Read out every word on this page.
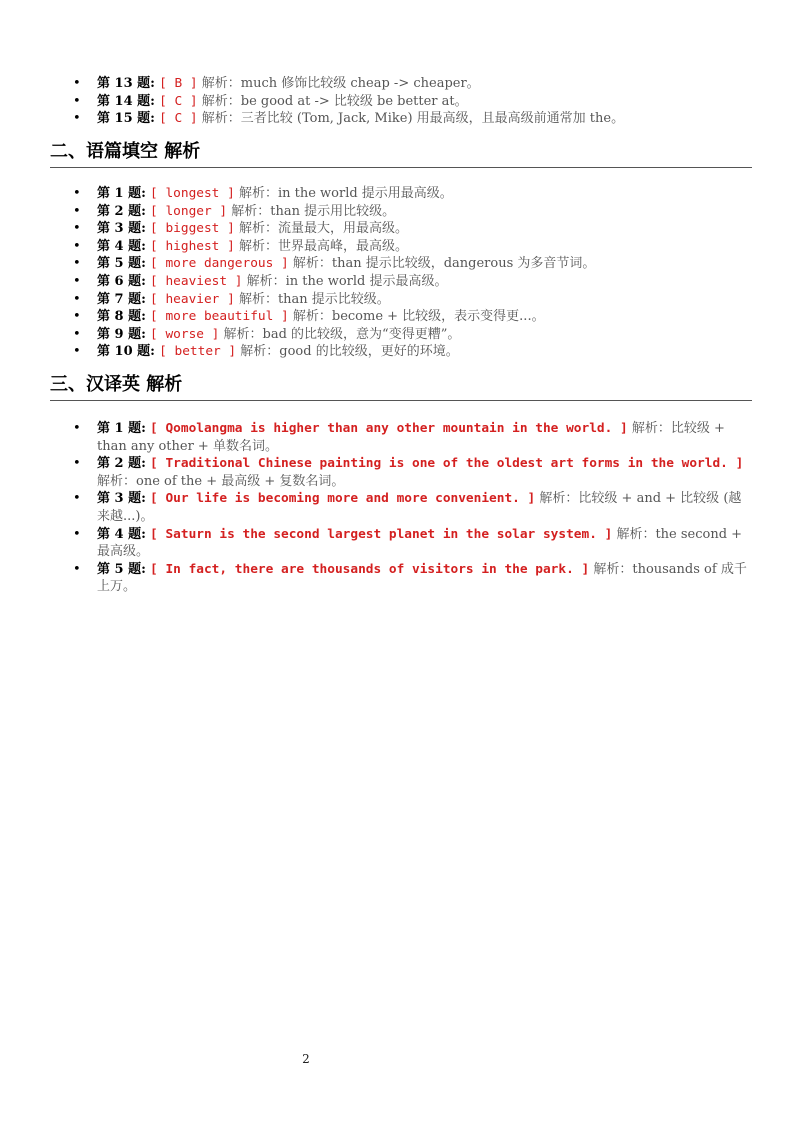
• 第 13 题: [ B ] 解析：much 修饰比较级 cheap -> cheaper。
• 第 14 题: [ C ] 解析：be good at -> 比较级 be better at。
• 第 15 题: [ C ] 解析：三者比较 (Tom, Jack, Mike) 用最高级，且最高级前通常加 the。
二、语篇填空 解析
• 第 1 题: [ longest ] 解析：in the world 提示用最高级。
• 第 2 题: [ longer ] 解析：than 提示用比较级。
• 第 3 题: [ biggest ] 解析：流量最大，用最高级。
• 第 4 题: [ highest ] 解析：世界最高峰，最高级。
• 第 5 题: [ more dangerous ] 解析：than 提示比较级，dangerous 为多音节词。
• 第 6 题: [ heaviest ] 解析：in the world 提示最高级。
• 第 7 题: [ heavier ] 解析：than 提示比较级。
• 第 8 题: [ more beautiful ] 解析：become + 比较级，表示变得更...。
• 第 9 题: [ worse ] 解析：bad 的比较级，意为“变得更糟”。
• 第 10 题: [ better ] 解析：good 的比较级，更好的环境。
三、汉译英 解析
• 第 1 题: [ Qomolangma is higher than any other mountain in the world. ] 解析：比较级 + than any other + 单数名词。
• 第 2 题: [ Traditional Chinese painting is one of the oldest art forms in the world. ] 解析：one of the + 最高级 + 复数名词。
• 第 3 题: [ Our life is becoming more and more convenient. ] 解析：比较级 + and + 比较级 (越来越...)。
• 第 4 题: [ Saturn is the second largest planet in the solar system. ] 解析：the second + 最高级。
• 第 5 题: [ In fact, there are thousands of visitors in the park. ] 解析：thousands of 成千上万。
2
